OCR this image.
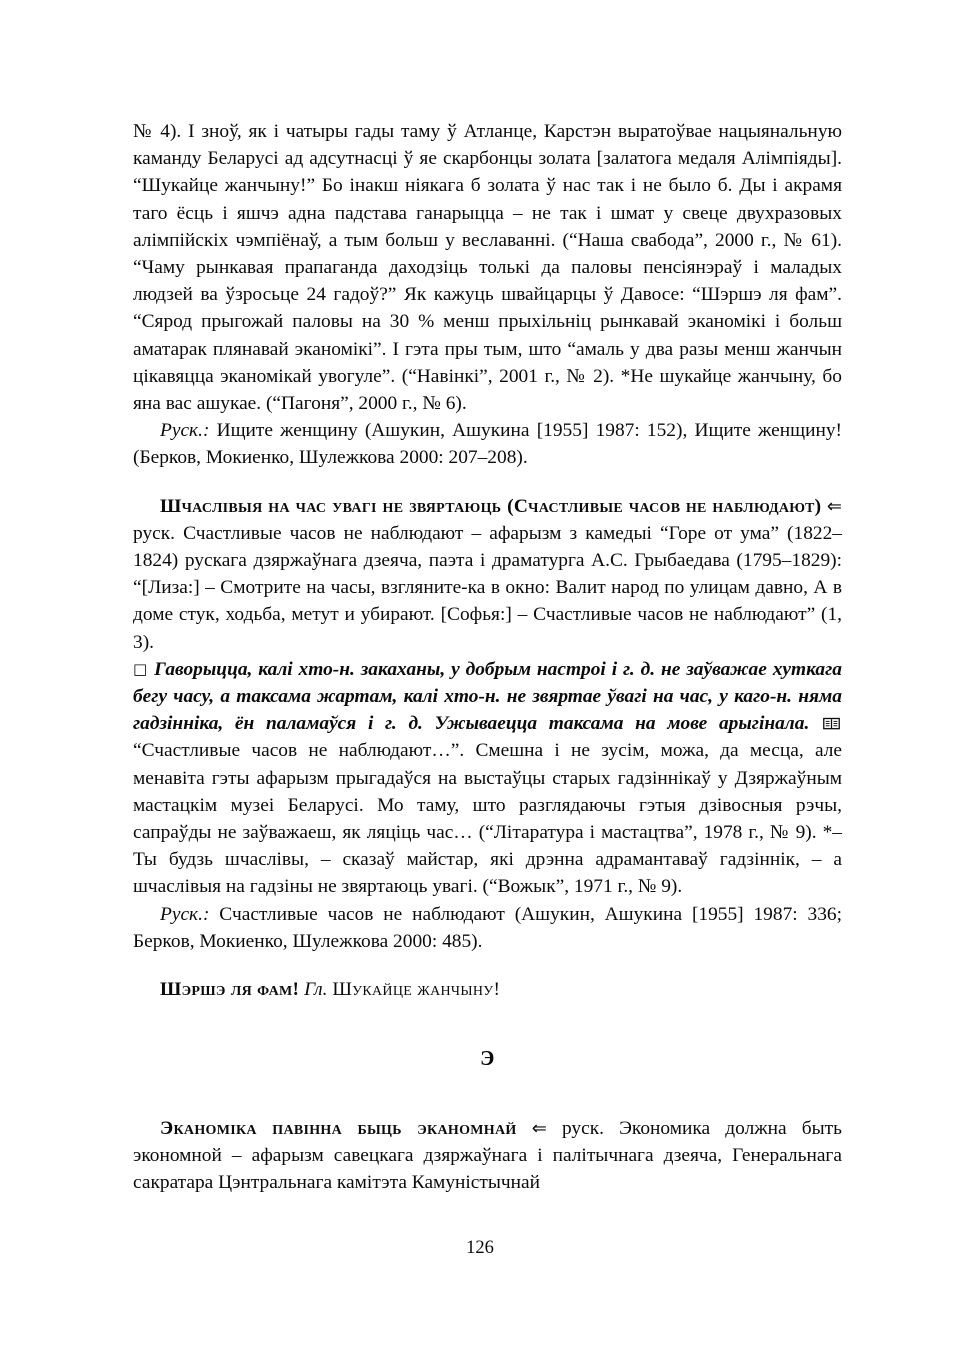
№ 4). I зноў, як i чатыры гады таму ў Атланце, Карстэн выратоўвае нацыянальную каманду Беларусi ад адсутнасцi ў яе скарбонцы золата [залатога медаля Алiмпiяды]. “Шукайце жанчыну!” Бо iнакш нiякага б золата ў нас так i не было б. Ды i акрамя таго ёсць i яшчэ адна падстава ганарыцца – не так i шмат у свеце двухразовых алiмпiйскiх чэмпiёнаў, а тым больш у веславаннi. (“Наша свабода”, 2000 г., № 61). “Чаму рынкавая прапаганда даходзiць толькi да паловы пенсiянэраў i маладых людзей ва ўзросьце 24 гадоў?” Як кажуць швайцарцы ў Давосе: “Шэршэ ля фам”. “Сярод прыгожай паловы на 30 % менш прыхiльнiц рынкавай эканомiкi i больш аматарак плянавай эканомiкi”. I гэта пры тым, што “амаль у два разы менш жанчын цiкавяцца эканомiкай увогуле”. (“Навiнкi”, 2001 г., № 2). *Не шукайце жанчыну, бо яна вас ашукае. (“Пагоня”, 2000 г., № 6).

Руск.: Ищите женщину (Ашукин, Ашукина [1955] 1987: 152), Ищите женщину! (Берков, Мокиенко, Шулежкова 2000: 207–208).

Шчаслiвыя на час увагi не звяртаюць (Счастливые часов не наблюдают) ⇐ руск. Счастливые часов не наблюдают – афарызм з камедыi “Горе от ума” (1822–1824) рускага дзяржаўнага дзеяча, паэта i драматурга А.С. Грыбаедава (1795–1829): “[Лиза:] – Смотрите на часы, взгляните-ка в окно: Валит народ по улицам давно, А в доме стук, ходьба, метут и убирают. [Софья:] – Счастливые часов не наблюдают” (1, 3).

□ Гаворыцца, калi хто-н. закаханы, у добрым настроi i г. д. не заўважае хуткага бегу часу, а таксама жартам, калi хто-н. не звяртае ўвагi на час, у каго-н. няма гадзiннiка, ён паламаўся i г. д. Ужываецца таксама на мове арыгiнала.
“Счастливые часов не наблюдают…”. Смешна i не зусiм, можа, да месца, але менавiта гэты афарызм прыгадаўся на выстаўцы старых гадзiннiкаў у Дзяржаўным мастацкiм музеi Беларусi. Мо таму, што разглядаючы гэтыя дзiвосныя рэчы, сапраўды не заўважаеш, як ляцiць час… (“Лiтаратура i мастацтва”, 1978 г., № 9). *– Ты будзь шчаслiвы, – сказаў майстар, якi дрэнна адрамантаваў гадзiннiк, – а шчаслiвыя на гадзiны не звяртаюць увагi. (“Вожык”, 1971 г., № 9).

Руск.: Счастливые часов не наблюдают (Ашукин, Ашукина [1955] 1987: 336; Берков, Мокиенко, Шулежкова 2000: 485).

Шэршэ ля фам! Гл. Шукайце жанчыну!

Э

Эканомiка павiнна быць эканомнай ⇐ руск. Экономика должна быть экономной – афарызм савецкага дзяржаўнага i палiтычнага дзеяча, Генеральнага сакратара Цэнтральнага камiтэта Камунiстычнай

126
